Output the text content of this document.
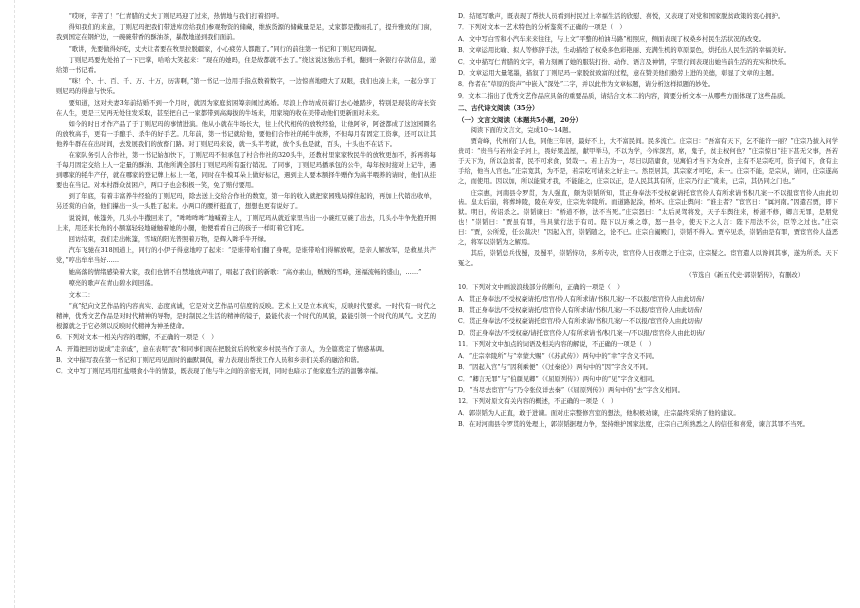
“哎呀，辛苦了！”仁青腊的丈夫丁则尼玛迎了过来，热情地与我们打着招呼。

得知我们的来意，丁则尼玛把我们带进库房给我们参观物资的储藏，维族货源的储藏量是足，丈家都是撒雨孔了，提升雅致的门窗，我到国定在钢炉边，一碗碗带香的酥油茶，暴散地递到我们面前。

“歌讲，先要做得好吃，丈夫让者要在牧里拉脱疆家，小心疲劳人都跑了。”同行的前往第一书记和丁则尼玛调侃。

丁则尼玛要先处拍了一下巴掌，哈哈大笑起来：“现在的她吗，住是故都就不去了。”绕这说这独出手机，翻到一条银行存款信息，递给第一书记看。

“咪！个、十、百、千、万、十万，历害啊，”第一书记一边用手指点数着数字，一边惊喜地瞪大了双眼，我们也凑上来，一起分享丁则尼玛的得意与快乐。

要知道，这对夫妻3年前结婚不到一个月时，就因为家庭贫困筹亲闹过离婚。尽浪上作坊成员蓄订去心她踏步，特别是现装的寄长资在人生，更是三兄再无处往发采取，甚至把自己一家都带到高海拔的牛场来，用家境的收在美带动他们更新面对未来。

如今的时日才作产品了于丁则尼玛的事情进演。他从小就在牛场长大，往上代代相传的放牧经验，让他阿爷，阿爸都成了这这园圈名的放牧高手，更有一手酿手、杀牛的好手艺。几年前，第一书记就给他，要他们合作社的牦牛放养，不但每月有固定工资拿，还可以让其他养牛群在在出时间，去发展我们的放畜门路。对丁则尼玛来说，就一头半考就，放个头也是就，百头，十头也不在话下。

在家队务引人合作社，第一书记始加快下，丁则尼玛不但承包了村合作社的320头牛，还教村里家家牧民牛的放牧更加不，拆再将每千每月固定交给上人一定量的酥油、其他所满全部归丁则尼玛所有蛋行销况。了同事，丁则尼玛播承包的公牛，每年按时接对上记牛，遇到哪家的牦牛产仔，就在哪家的登记牌上标上一笔，同时在牛模耳朵上做好标记，遇到主人要本额择牛赠作为高半喂养的请时，他们从挂要也在当记。对本村群众贫困户，两口子也会积极一笑，免了赔付要用。

到了年底，有着丰富养牛经验的丁则尼玛，除去送上交给合作社的数宽，第一年的收入就把家园残局撑住起的，再加上代销出收单，另还赏的自备，他们攥出一头一头胜了起来。小两口的腰杆挺直了，想想也更有说好了。

说说间，帐篷外，几头小牛撒回来了，“哞哞哞哞”地喊着主人，丁则尼玛从就近家里当出一小碗红豆碗了出去，几头小牛争先抱开围上来，用还来长角的小额塞轻轻地碰触着她的小腿，他便看看自己的孩子一样盯着它们吃。

回访结束，我们走出帐篷，雪域的阳光普照着万物，是辉入眸乎牛开绿。

汽车飞驰在318国道上，同行的小伊子得意地哼了起来：“是谁带哈们翻了身呢，是谁带哈们得解放呢，是亲人解放军，是救星共产党，”哼出牟牟当好……

她高落的情绪感染着大家，我们也情不自禁地放声唱了，唱起了我们的新歌：“高亦素山，贼贼的雪峰，迷福流畅的盛山，……”

嘹亮的歌声在青山碧水间回荡。

文本二：

“真”纪向文艺作品的内容真实、态度真诚，它是对文艺作品可信度的反映。艺术上又是立本真实，反映时代要求。一时代有一时代之精神，优秀文艺作品是对时代精神的导物，是时制民之生活的精神的镜子，最能代表一个时代的风貌，最能引领一个时代的风气。文艺的根源就之于它必须以反映时代精神为神圣使命。

6．下列对文本一相关内容的理解，不正确的一项是（　）

A．开篇把回访说成“走亲戚”，意在表明“我”和同事们现在把脱贫后的牧家乡村民当作了亲人，为全篇奠定了情感基调。

B．文中描写我在第一书记和丁则尼玛见面时的幽默调侃，着力表现出帮扶工作人员和乡亲们关系的融洽和谐。

C．文中写丁则尼玛用红盐喂食小牛的情景，既表现了他与牛之间的亲密无间，同时也暗示了他家庭生活的温馨幸福。

D．结尾写歌声，既表现了帮扶人员看到村民过上幸福生活的欣慰、喜悦，又表现了对党和国家脱贫政策的衷心拥护。

7．下列对文本一艺术特色的分析鉴赏不正确的一项是（　）

A．文中写白雪和小汽车来来往往，与上文“平整的柏油马路”相照应，侧面表现了权桑乡村民生活状况的改变。

B．文章运用比喻、拟人等修辞手法，生动描绘了权桑多色彩艳丽、充满生机的草原景色，烘托出人民生活的幸福美好。

C．文中描写仁青腊的文字，着力刻画了她的服装打扮、动作、语言及神情，字里行间表现出她当前生活的充实和快乐。

D．文章运用大量笔墨，描叙了丁则尼玛一家脱贫致富的过程，意在赞美他们勤劳上进的美德，彰显了文章的主题。

8．作者在“草原的资声”中嵌入“深处”二字，并以此作为文章标题，请分析这样拟题的妙处。

9．文本二指出了优秀文艺作品应具备的重要品质，请结合文本二的内容，简要分析文本一从哪些方面体现了这些品质。

二、古代诗文阅读（35分）

（一）文言文阅读（本题共5小题，20分）

阅读下面的文言文，完成10～14题。

贾奇峰，代州府门人也，同他三年居，最好不上，大不富民间。民多流亡。庄宗日：“吾富有天下，乞不能许一丽？”庄宗乃拔入问学贵司：“贵当与若州金子河上，畏好果盖屋，献甲举马，不以为学，今库深宫，席，鬼子，贫主权何也？”庄宗惊日“挂下甚无父事，吾若于天下为，所以急贫者，民不可求食，贤哉一。若上吉为一，尽日以陪庸食，见寓伯才当下为众吾，主有不足宗吃可，资子闻下，食有主手给，他当人官也。”庄宗宽其，为不是，若宗吃可请来之好主一。然臣居其，其宗家才可吃，未一。庄宗不能，是宗从，请同，庄宗遂高之，而使用。因以加，所以能赏才我，不能能之，庄宗以正，是人民其其有所，庄宗乃行正“赏来，已宗，其仍同之门也。”

庄宗惠，河南县令罗贯，为人强直，颇为崇韬所知，贯正身奉法不受权豪请托宦官伶人有所求请书积几案一不以报宦官伶人由此切齿。皇太后崩，将葬坤陵，陵在寿安，庄宗先幸陵所。而道路泥涂，桥坏。庄宗止舆问：“谁主者？”宦官日：“属河南。”因遣召贾，即下狱。明日，传诏杀之。崇韬谏曰：“桥道不修，法不当死。”庄宗怒曰：“太后灵驾将发，天子车舆往来，桥道不修，卿言无罪，是朋党也！”崇韬曰：“贾虽有罪，当具狱行法于有司。陛下以万乘之尊，怒一县令，使天下之人言：陛下用法不公，臣等之过也。”庄宗曰：“贾，公所爱，任公裁决！”因起入宫，崇韬随之，论不已。庄宗自阖殿门，崇韬不得入。贾卒见杀，崇韬由是有罪，贾宦官伶人益恶之，将军以崇韬为之解焉。

其后，崇韬总兵伐蜀，及蜀平，崇韬恃功，多所专决，宦官伶人日夜谮之于庄宗，庄宗疑之。宦官遣人以谗间其事，遂为所杀。天下冤之。

（节选自《新五代史·郭崇韬传》，有删改）

10．下列对文中画波浪线部分的断句，正确的一项是（　）

A．贯正身奉法/不受权豪请托/宦官/伶人有所求请/书积几案/一不以报/宦官伶人由此切齿/

B．贯正身奉法/不受权豪请托/宦官伶人有所求请/书积几案/一不以报/宦官伶人由此切齿/

C．贯正身奉法/不受权豪请托宦官/伶人有所求请/书积几案/一不以报/宦官伶人由此切齿/

D．贯正身奉法/不受权豪/请托宦官伶人/有所求请书/积几案一/不以报/宦官伶人由此切齿/

11．下列对文中加点的词语及相关内容的解说，不正确的一项是（　）

A．“庄宗幸陵所”与“幸蒙大赐”（《苏武传》）两句中的“幸”字含义不同。

B．“因起入宫”与“因利乘便”（《过秦论》）两句中的“因”字含义不同。

C．“卿言无罪”与“伯颜见卿”（《屈原列传》）两句中的“见”字含义相同。

D．“当尽去宦官”与“乃令张仪详去秦”（《屈原列传》）两句中的“去”字含义相同。

12．下列对原文有关内容的概述，不正确的一项是（　）

A．郭崇韬为人正直，敢于进谏。面对庄宗整修宫室的想法，他积极劝谏，庄宗最终采纳了他的建议。

B．在对河南县令罗贯的处理上，郭崇韬据理力争，坚持维护国家法度，庄宗自己所熟悉之人的信任和喜爱，谏言其罪不当死。
